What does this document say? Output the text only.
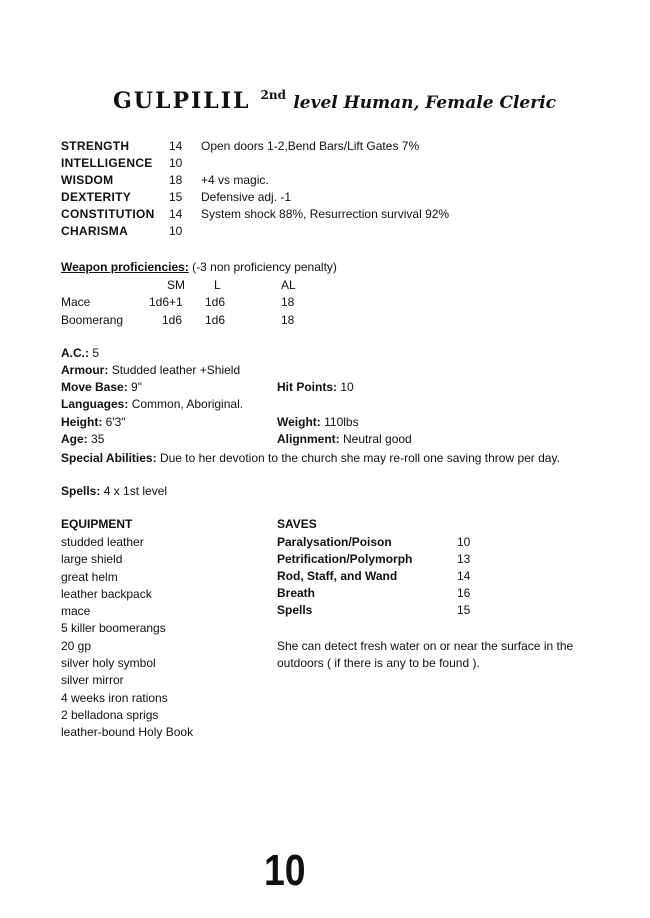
GULPILIL 2nd level Human, Female Cleric
STRENGTH	14 Open doors 1-2,Bend Bars/Lift Gates 7%
INTELLIGENCE 10
WISDOM	18 +4 vs magic.
DEXTERITY	15 Defensive adj. -1
CONSTITUTION 14 System shock 88%, Resurrection survival 92%
CHARISMA	10
Weapon proficiencies: (-3 non proficiency penalty)
SM L	AL
Mace	1d6+1 1d6	18
Boomerang	1d6 1d6	18
A.C.: 5
Armour: Studded leather +Shield
Move Base: 9"	Hit Points: 10
Languages: Common, Aboriginal.
Height: 6'3"	Weight: 110lbs
Age: 35	Alignment: Neutral good
Special Abilities: Due to her devotion to the church she may re-roll one saving throw per day.
Spells: 4 x 1st level
EQUIPMENT
studded leather
large shield
great helm
leather backpack
mace
5 killer boomerangs
20 gp
silver holy symbol
silver mirror
4 weeks iron rations
2 belladona sprigs
leather-bound Holy Book
SAVES
Paralysation/Poison	10
Petrification/Polymorph	13
Rod, Staff, and Wand	14
Breath	16
Spells	15
She can detect fresh water on or near the surface in the outdoors ( if there is any to be found ).
10
